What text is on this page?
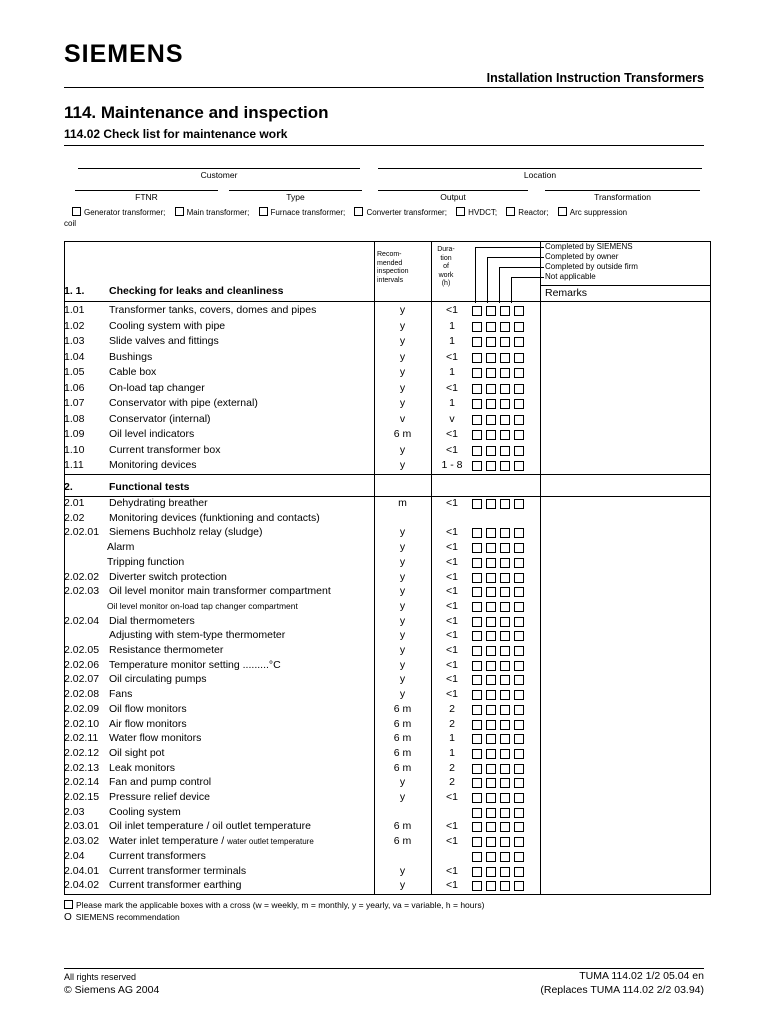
SIEMENS
Installation Instruction Transformers
114. Maintenance and inspection
114.02 Check list for maintenance work
Customer	Location
FTNR	Type	Output	Transformation
Generator transformer;	Main transformer;	Furnace transformer;	Converter transformer;	HVDCT;	Reactor;	Arc suppression
coil
Recom-
mended
inspection
intervals
Dura-
tion
of
work
(h)
Completed by SIEMENS
Completed by owner
Completed by outside firm
Not applicable
Remarks
1. 1. Checking for leaks and cleanliness
2.	Functional tests
1.01 Transformer tanks, covers, domes and pipes	y	<1
1.02 Cooling system with pipe	y	1
1.03 Slide valves and fittings	y	1
1.04 Bushings	y	<1
1.05 Cable box	y	1
1.06 On-load tap changer	y	<1
1.07 Conservator with pipe (external)	y	1
1.08 Conservator (internal)	v	v
1.09 Oil level indicators	6 m	<1
1.10 Current transformer box	y	<1
1.11 Monitoring devices	y	1 - 8
2.01 Dehydrating breather	m	<1
2.02 Monitoring devices (funktioning and contacts)
2.02.01 Siemens Buchholz relay (sludge)	y	<1
Alarm	y	<1
Tripping function	y	<1
2.02.02 Diverter switch protection	y	<1
2.02.03 Oil level monitor main transformer compartment	y	<1
Oil level monitor on-load tap changer compartment	y	<1
2.02.04 Dial thermometers	y	<1
Adjusting with stem-type thermometer	y	<1
2.02.05 Resistance thermometer	y	<1
2.02.06 Temperature monitor setting .........°C	y	<1
2.02.07 Oil circulating pumps	y	<1
2.02.08 Fans	y	<1
2.02.09 Oil flow monitors	6 m	2
2.02.10 Air flow monitors	6 m	2
2.02.11 Water flow monitors	6 m	1
2.02.12 Oil sight pot	6 m	1
2.02.13 Leak monitors	6 m	2
2.02.14 Fan and pump control	y	2
2.02.15 Pressure relief device	y	<1
2.03 Cooling system
2.03.01 Oil inlet temperature / oil outlet temperature	6 m	<1
2.03.02 Water inlet temperature / water outlet temperature	6 m	<1
2.04 Current transformers
2.04.01 Current transformer terminals	y	<1
2.04.02 Current transformer earthing	y	<1
Please mark the applicable boxes with a cross (w = weekly, m = monthly, y = yearly, va = variable, h = hours)
O SIEMENS recommendation
All rights reserved
© Siemens AG 2004
TUMA 114.02 1/2 05.04 en
(Replaces TUMA 114.02 2/2 03.94)
